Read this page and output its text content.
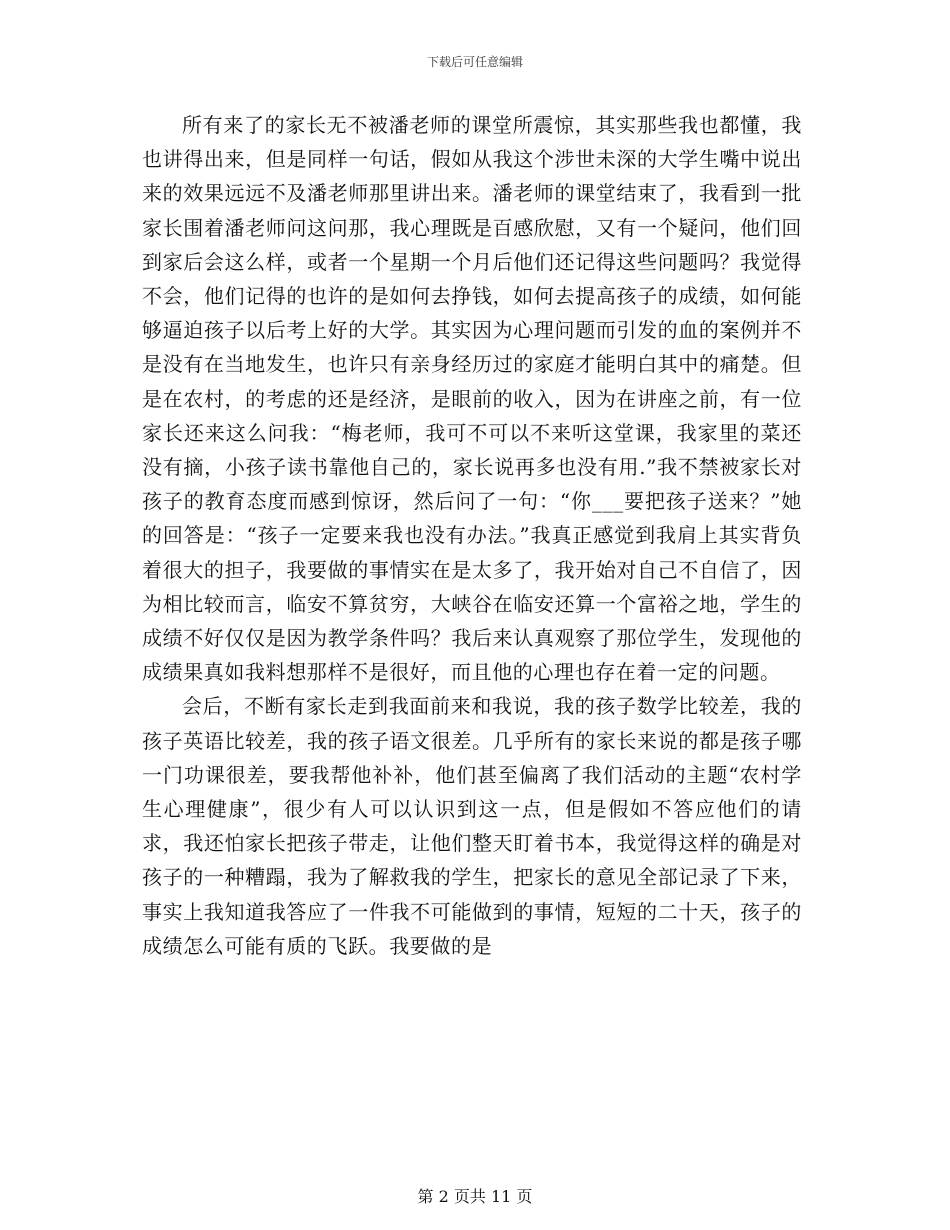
下载后可任意编辑

所有来了的家长无不被潘老师的课堂所震惊，其实那些我也都懂，我也讲得出来，但是同样一句话，假如从我这个涉世未深的大学生嘴中说出来的效果远远不及潘老师那里讲出来。潘老师的课堂结束了，我看到一批家长围着潘老师问这问那，我心理既是百感欣慰，又有一个疑问，他们回到家后会这么样，或者一个星期一个月后他们还记得这些问题吗？我觉得不会，他们记得的也许的是如何去挣钱，如何去提高孩子的成绩，如何能够逼迫孩子以后考上好的大学。其实因为心理问题而引发的血的案例并不是没有在当地发生，也许只有亲身经历过的家庭才能明白其中的痛楚。但是在农村，的考虑的还是经济，是眼前的收入，因为在讲座之前，有一位家长还来这么问我：“梅老师，我可不可以不来听这堂课，我家里的菜还没有摘，小孩子读书靠他自己的，家长说再多也没有用.”我不禁被家长对孩子的教育态度而感到惊讶，然后问了一句：“你___要把孩子送来？”她的回答是：“孩子一定要来我也没有办法。”我真正感觉到我肩上其实背负着很大的担子，我要做的事情实在是太多了，我开始对自己不自信了，因为相比较而言，临安不算贫穷，大峡谷在临安还算一个富裕之地，学生的成绩不好仅仅是因为教学条件吗？我后来认真观察了那位学生，发现他的成绩果真如我料想那样不是很好，而且他的心理也存在着一定的问题。

会后，不断有家长走到我面前来和我说，我的孩子数学比较差，我的孩子英语比较差，我的孩子语文很差。几乎所有的家长来说的都是孩子哪一门功课很差，要我帮他补补，他们甚至偏离了我们活动的主题“农村学生心理健康”，很少有人可以认识到这一点，但是假如不答应他们的请求，我还怕家长把孩子带走，让他们整天盯着书本，我觉得这样的确是对孩子的一种糟蹋，我为了解救我的学生，把家长的意见全部记录了下来，事实上我知道我答应了一件我不可能做到的事情，短短的二十天，孩子的成绩怎么可能有质的飞跃。我要做的是

第 2 页共 11 页
